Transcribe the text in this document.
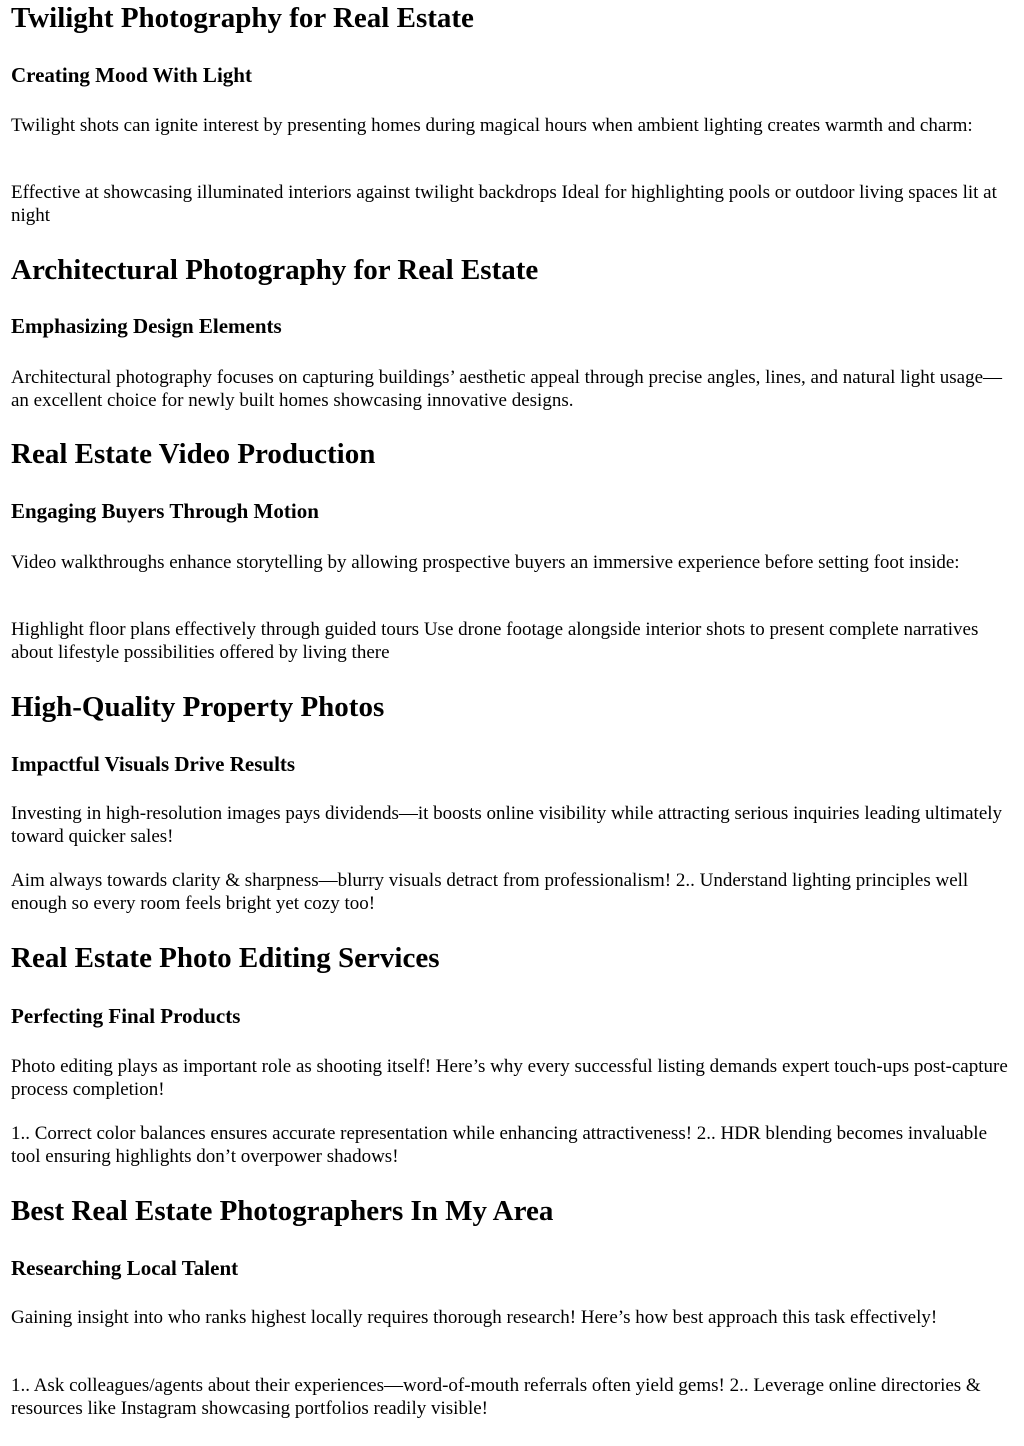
Twilight Photography for Real Estate
Creating Mood With Light

Twilight shots can ignite interest by presenting homes during magical hours when ambient lighting creates warmth and charm:

Effective at showcasing illuminated interiors against twilight backdrops Ideal for highlighting pools or outdoor living spaces lit at night

Architectural Photography for Real Estate
Emphasizing Design Elements

Architectural photography focuses on capturing buildings’ aesthetic appeal through precise angles, lines, and natural light usage—an excellent choice for newly built homes showcasing innovative designs.

Real Estate Video Production
Engaging Buyers Through Motion

Video walkthroughs enhance storytelling by allowing prospective buyers an immersive experience before setting foot inside:

Highlight floor plans effectively through guided tours Use drone footage alongside interior shots to present complete narratives about lifestyle possibilities offered by living there

High-Quality Property Photos
Impactful Visuals Drive Results

Investing in high-resolution images pays dividends—it boosts online visibility while attracting serious inquiries leading ultimately toward quicker sales!

Aim always towards clarity & sharpness—blurry visuals detract from professionalism! 2.. Understand lighting principles well enough so every room feels bright yet cozy too!

Real Estate Photo Editing Services
Perfecting Final Products

Photo editing plays as important role as shooting itself! Here’s why every successful listing demands expert touch-ups post-capture process completion!

1.. Correct color balances ensures accurate representation while enhancing attractiveness! 2.. HDR blending becomes invaluable tool ensuring highlights don’t overpower shadows!

Best Real Estate Photographers In My Area
Researching Local Talent

Gaining insight into who ranks highest locally requires thorough research! Here’s how best approach this task effectively!

1.. Ask colleagues/agents about their experiences—word-of-mouth referrals often yield gems! 2.. Leverage online directories & resources like Instagram showcasing portfolios readily visible!
